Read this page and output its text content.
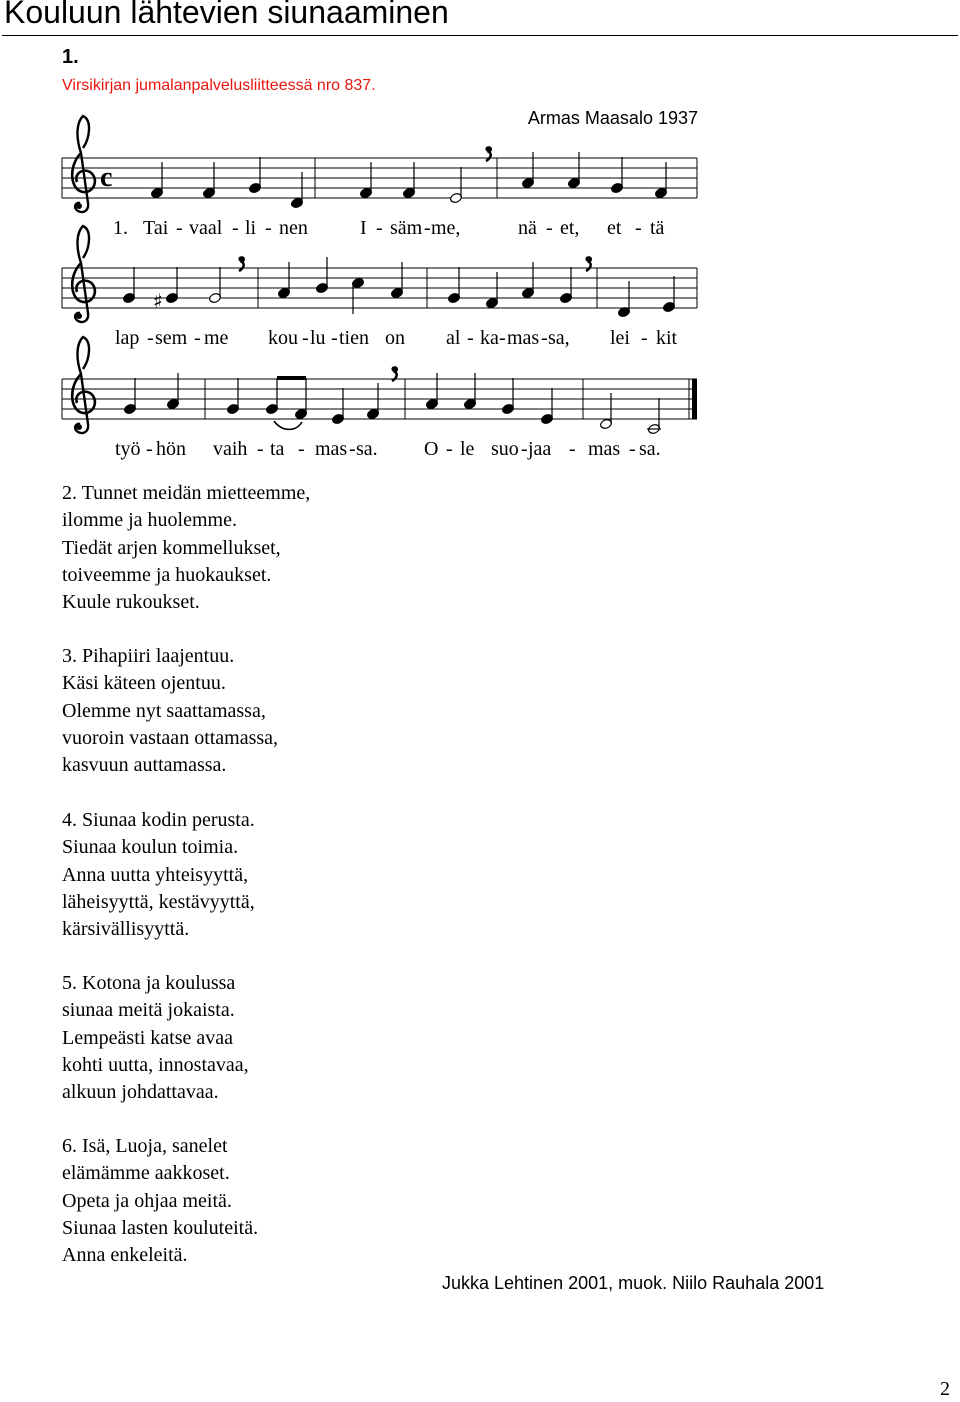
Kouluun lähtevien siunaaminen
1.
Virsikirjan jumalanpalvelusliitteessä nro 837.
Armas Maasalo 1937
c
1. Tai - vaal - li - nen	I - säm - me,	nä - et, et - tä
♯
lap - sem - me kou - lu - tien on al - ka - mas - sa, lei - kit
työ - hön vaih - ta - mas - sa. O - le suo - jaa - mas - sa.
2. Tunnet meidän mietteemme,
ilomme ja huolemme.
Tiedät arjen kommellukset,
toiveemme ja huokaukset.
Kuule rukoukset.
3. Pihapiiri laajentuu.
Käsi käteen ojentuu.
Olemme nyt saattamassa,
vuoroin vastaan ottamassa,
kasvuun auttamassa.
4. Siunaa kodin perusta.
Siunaa koulun toimia.
Anna uutta yhteisyyttä,
läheisyyttä, kestävyyttä,
kärsivällisyyttä.
5. Kotona ja koulussa
siunaa meitä jokaista.
Lempeästi katse avaa
kohti uutta, innostavaa,
alkuun johdattavaa.
6. Isä, Luoja, sanelet
elämämme aakkoset.
Opeta ja ohjaa meitä.
Siunaa lasten kouluteitä.
Anna enkeleitä.
Jukka Lehtinen 2001, muok. Niilo Rauhala 2001
2
